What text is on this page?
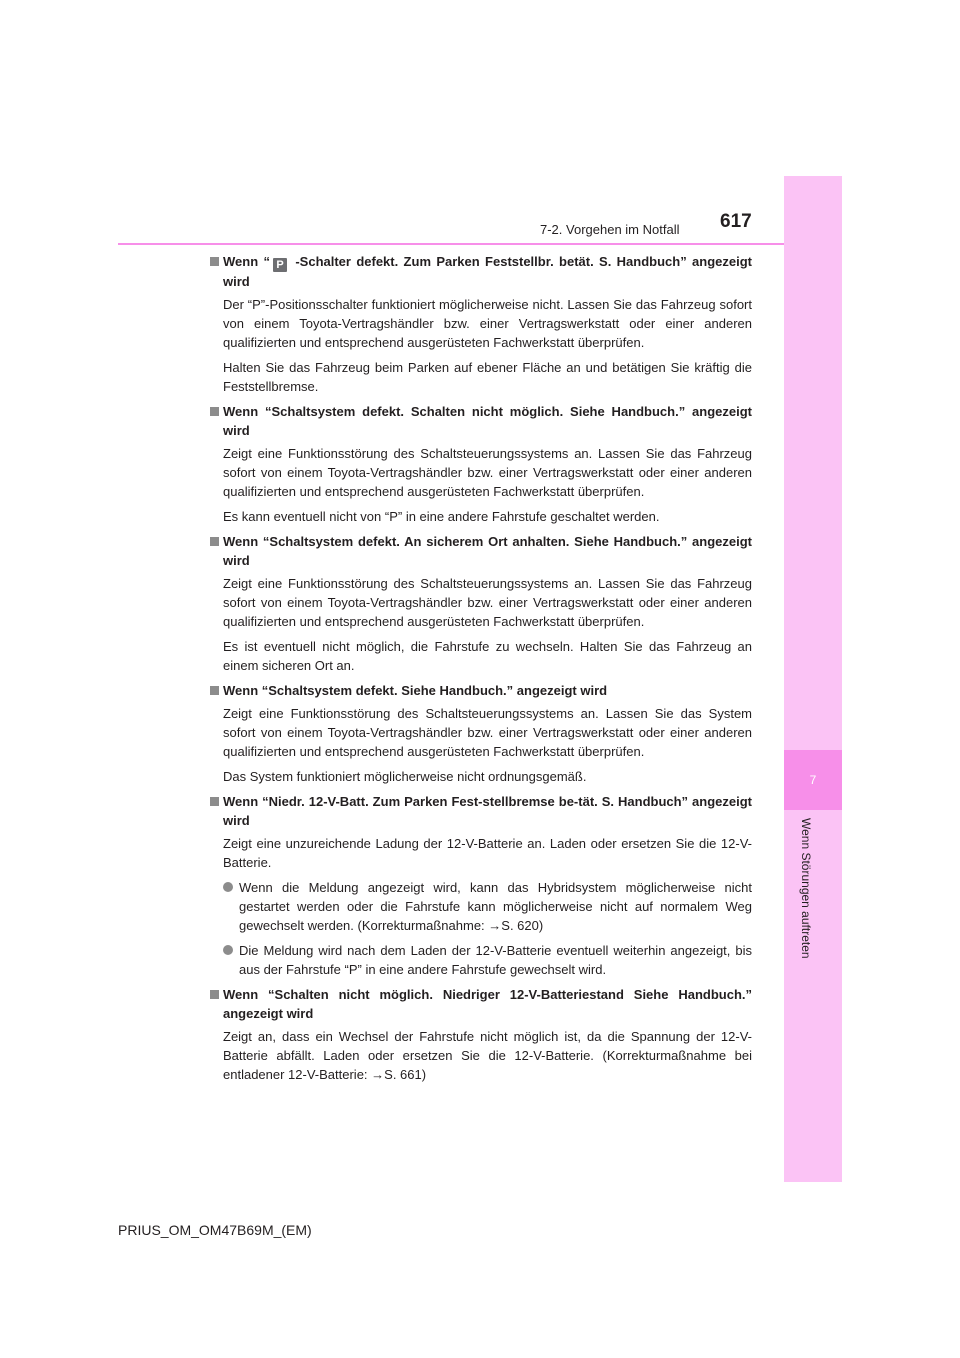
7
Wenn Störungen auftreten
7-2. Vorgehen im Notfall 617

Wenn “ P -Schalter defekt. Zum Parken Feststellbr. betät. S. Handbuch” angezeigt wird

Der “P”-Positionsschalter funktioniert möglicherweise nicht. Lassen Sie das Fahrzeug sofort von einem Toyota-Vertragshändler bzw. einer Vertragswerkstatt oder einer anderen qualifizierten und entsprechend ausgerüsteten Fachwerkstatt überprüfen.

Halten Sie das Fahrzeug beim Parken auf ebener Fläche an und betätigen Sie kräftig die Feststellbremse.

Wenn “Schaltsystem defekt. Schalten nicht möglich. Siehe Handbuch.” angezeigt wird

Zeigt eine Funktionsstörung des Schaltsteuerungssystems an. Lassen Sie das Fahrzeug sofort von einem Toyota-Vertragshändler bzw. einer Vertragswerkstatt oder einer anderen qualifizierten und entsprechend ausgerüsteten Fachwerkstatt überprüfen.

Es kann eventuell nicht von “P” in eine andere Fahrstufe geschaltet werden.

Wenn “Schaltsystem defekt. An sicherem Ort anhalten. Siehe Handbuch.” angezeigt wird

Zeigt eine Funktionsstörung des Schaltsteuerungssystems an. Lassen Sie das Fahrzeug sofort von einem Toyota-Vertragshändler bzw. einer Vertragswerkstatt oder einer anderen qualifizierten und entsprechend ausgerüsteten Fachwerkstatt überprüfen.

Es ist eventuell nicht möglich, die Fahrstufe zu wechseln. Halten Sie das Fahrzeug an einem sicheren Ort an.

Wenn “Schaltsystem defekt. Siehe Handbuch.” angezeigt wird

Zeigt eine Funktionsstörung des Schaltsteuerungssystems an. Lassen Sie das System sofort von einem Toyota-Vertragshändler bzw. einer Vertragswerkstatt oder einer anderen qualifizierten und entsprechend ausgerüsteten Fachwerkstatt überprüfen.

Das System funktioniert möglicherweise nicht ordnungsgemäß.

Wenn “Niedr. 12-V-Batt. Zum Parken Fest-stellbremse be-tät. S. Handbuch” angezeigt wird

Zeigt eine unzureichende Ladung der 12-V-Batterie an. Laden oder ersetzen Sie die 12-V-Batterie.

Wenn die Meldung angezeigt wird, kann das Hybridsystem möglicherweise nicht gestartet werden oder die Fahrstufe kann möglicherweise nicht auf normalem Weg gewechselt werden. (Korrekturmaßnahme: →S. 620)

Die Meldung wird nach dem Laden der 12-V-Batterie eventuell weiterhin angezeigt, bis aus der Fahrstufe “P” in eine andere Fahrstufe gewechselt wird.

Wenn “Schalten nicht möglich. Niedriger 12-V-Batteriestand Siehe Handbuch.” angezeigt wird

Zeigt an, dass ein Wechsel der Fahrstufe nicht möglich ist, da die Spannung der 12-V-Batterie abfällt. Laden oder ersetzen Sie die 12-V-Batterie. (Korrekturmaßnahme bei entladener 12-V-Batterie: →S. 661)

PRIUS_OM_OM47B69M_(EM)
